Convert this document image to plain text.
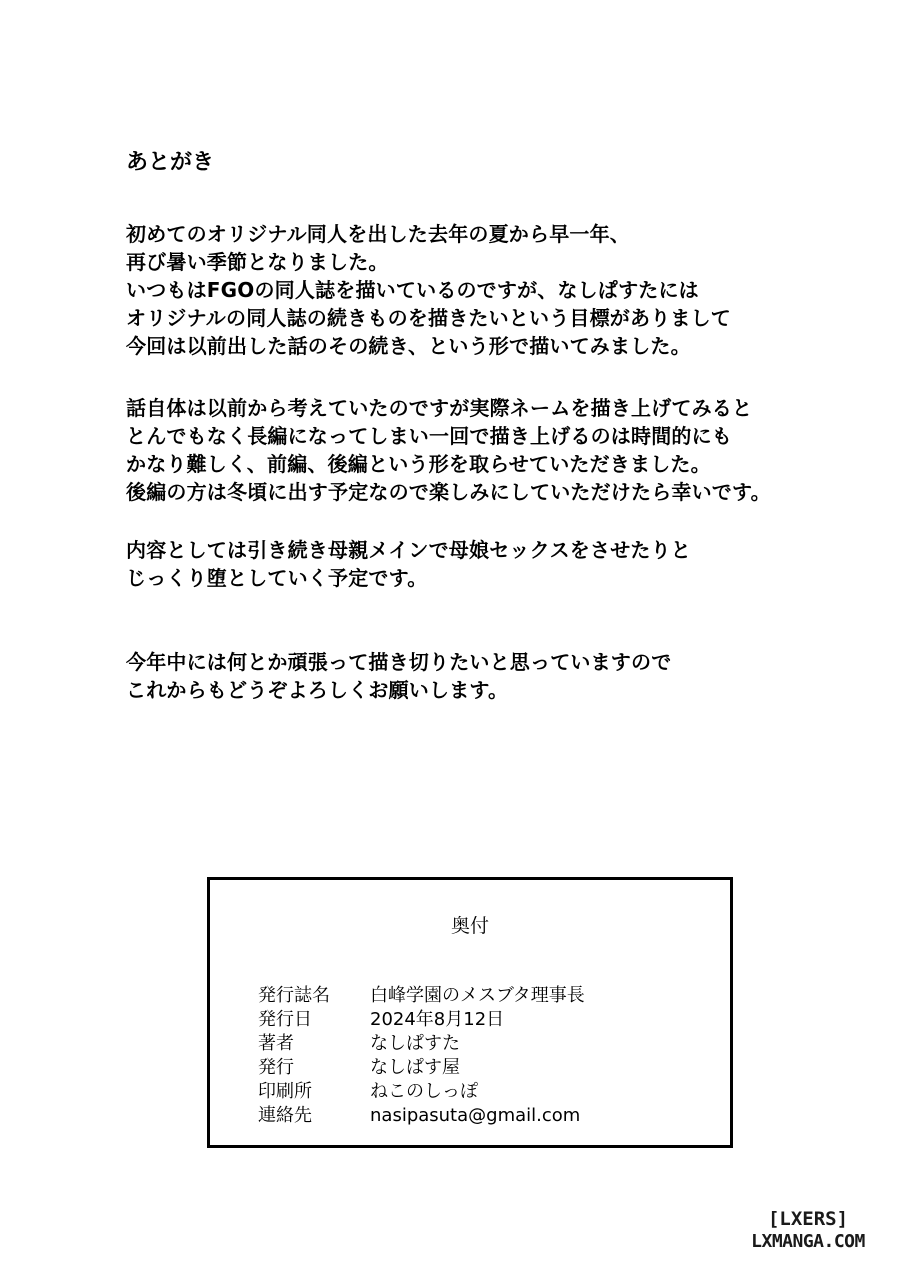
あとがき

初めてのオリジナル同人を出した去年の夏から早一年、

再び暑い季節となりました。

いつもはFGOの同人誌を描いているのですが、なしぱすたには

オリジナルの同人誌の続きものを描きたいという目標がありまして

今回は以前出した話のその続き、という形で描いてみました。

話自体は以前から考えていたのですが実際ネームを描き上げてみると

とんでもなく長編になってしまい一回で描き上げるのは時間的にも

かなり難しく、前編、後編という形を取らせていただきました。

後編の方は冬頃に出す予定なので楽しみにしていただけたら幸いです。

内容としては引き続き母親メインで母娘セックスをさせたりと

じっくり堕としていく予定です。

今年中には何とか頑張って描き切りたいと思っていますので

これからもどうぞよろしくお願いします。

奥付
発行誌名	白峰学園のメスブタ理事長
発行日	2024年8月12日
著者	なしぱすた
発行	なしぱす屋
印刷所	ねこのしっぽ
連絡先	nasipasuta@gmail.com
[LXERS]
LXMANGA.COM
